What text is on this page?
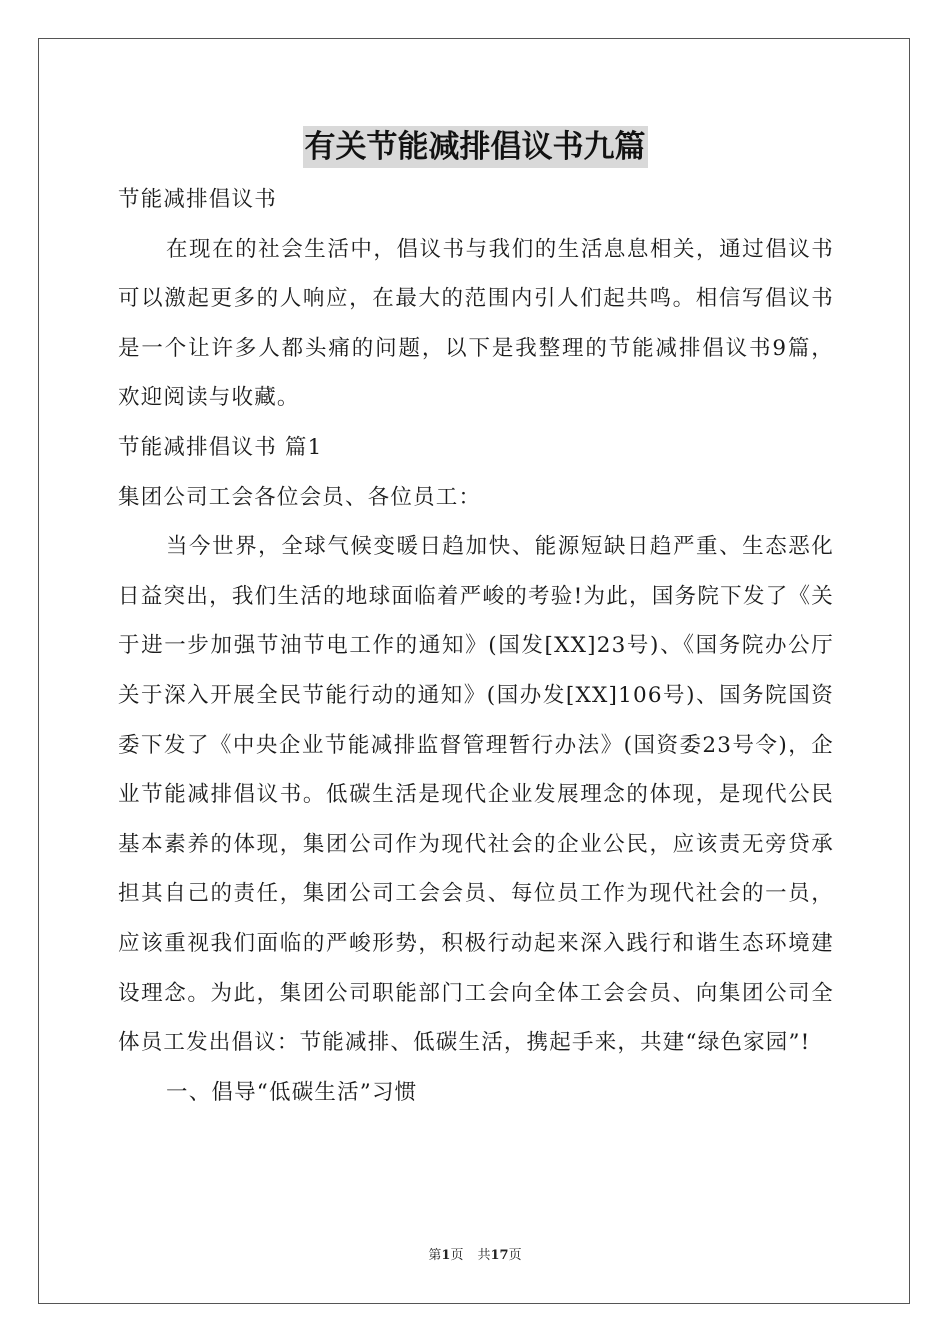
有关节能减排倡议书九篇

节能减排倡议书

在现在的社会生活中，倡议书与我们的生活息息相关，通过倡议书可以激起更多的人响应，在最大的范围内引人们起共鸣。相信写倡议书是一个让许多人都头痛的问题，以下是我整理的节能减排倡议书9篇，欢迎阅读与收藏。

节能减排倡议书 篇1

集团公司工会各位会员、各位员工：

当今世界，全球气候变暖日趋加快、能源短缺日趋严重、生态恶化日益突出，我们生活的地球面临着严峻的考验!为此，国务院下发了《关于进一步加强节油节电工作的通知》(国发[XX]23号)、《国务院办公厅关于深入开展全民节能行动的通知》(国办发[XX]106号)、国务院国资委下发了《中央企业节能减排监督管理暂行办法》(国资委23号令)，企业节能减排倡议书。低碳生活是现代企业发展理念的体现，是现代公民基本素养的体现，集团公司作为现代社会的企业公民，应该责无旁贷承担其自己的责任，集团公司工会会员、每位员工作为现代社会的一员，应该重视我们面临的严峻形势，积极行动起来深入践行和谐生态环境建设理念。为此，集团公司职能部门工会向全体工会会员、向集团公司全体员工发出倡议：节能减排、低碳生活，携起手来，共建“绿色家园”!

一、倡导“低碳生活”习惯

第1页 共17页
